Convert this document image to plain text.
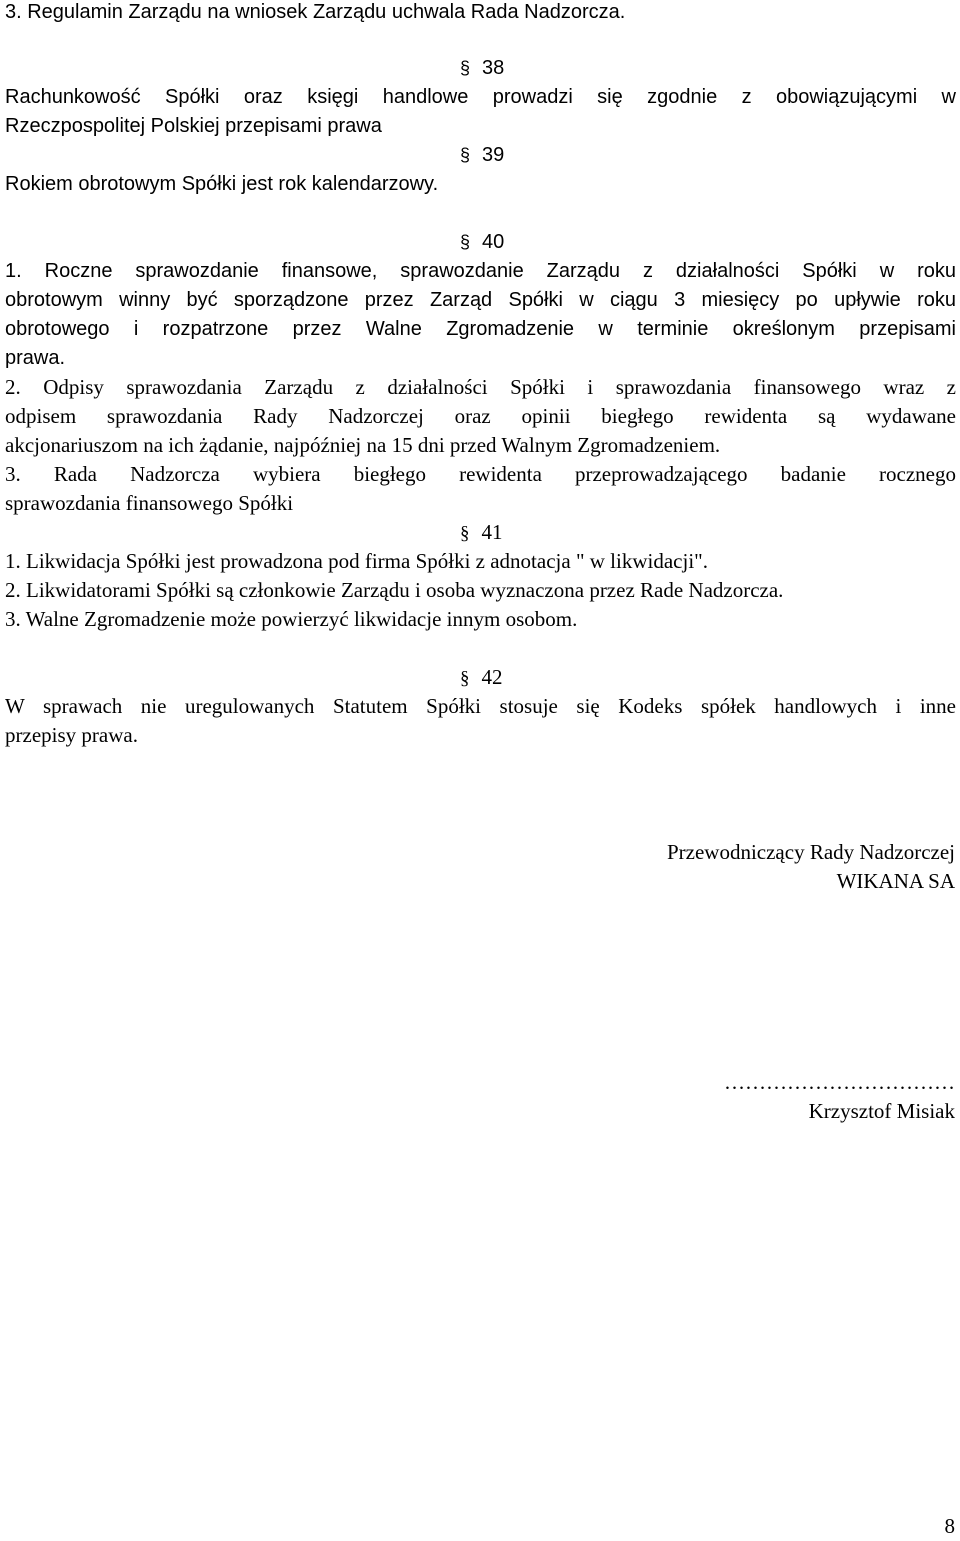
3. Regulamin Zarządu na wniosek Zarządu uchwala Rada Nadzorcza.
§ 38
Rachunkowość Spółki oraz księgi handlowe prowadzi się zgodnie z obowiązującymi w
Rzeczpospolitej Polskiej przepisami prawa
§ 39
Rokiem obrotowym Spółki jest rok kalendarzowy.
§ 40
1. Roczne sprawozdanie finansowe, sprawozdanie Zarządu z działalności Spółki w roku
obrotowym winny być sporządzone przez Zarząd Spółki w ciągu 3 miesięcy po upływie roku
obrotowego i rozpatrzone przez Walne Zgromadzenie w terminie określonym przepisami
prawa.
2. Odpisy sprawozdania Zarządu z działalności Spółki i sprawozdania finansowego wraz z
odpisem sprawozdania Rady Nadzorczej oraz opinii biegłego rewidenta są wydawane
akcjonariuszom na ich żądanie, najpóźniej na 15 dni przed Walnym Zgromadzeniem.
3. Rada Nadzorcza wybiera biegłego rewidenta przeprowadzającego badanie rocznego
sprawozdania finansowego Spółki
§ 41
1. Likwidacja Spółki jest prowadzona pod firma Spółki z adnotacja " w likwidacji".
2. Likwidatorami Spółki są członkowie Zarządu i osoba wyznaczona przez Rade Nadzorcza.
3. Walne Zgromadzenie może powierzyć likwidacje innym osobom.
§ 42
W sprawach nie uregulowanych Statutem Spółki stosuje się Kodeks spółek handlowych i inne
przepisy prawa.
Przewodniczący Rady Nadzorczej
WIKANA SA
……………………………
Krzysztof Misiak
8
